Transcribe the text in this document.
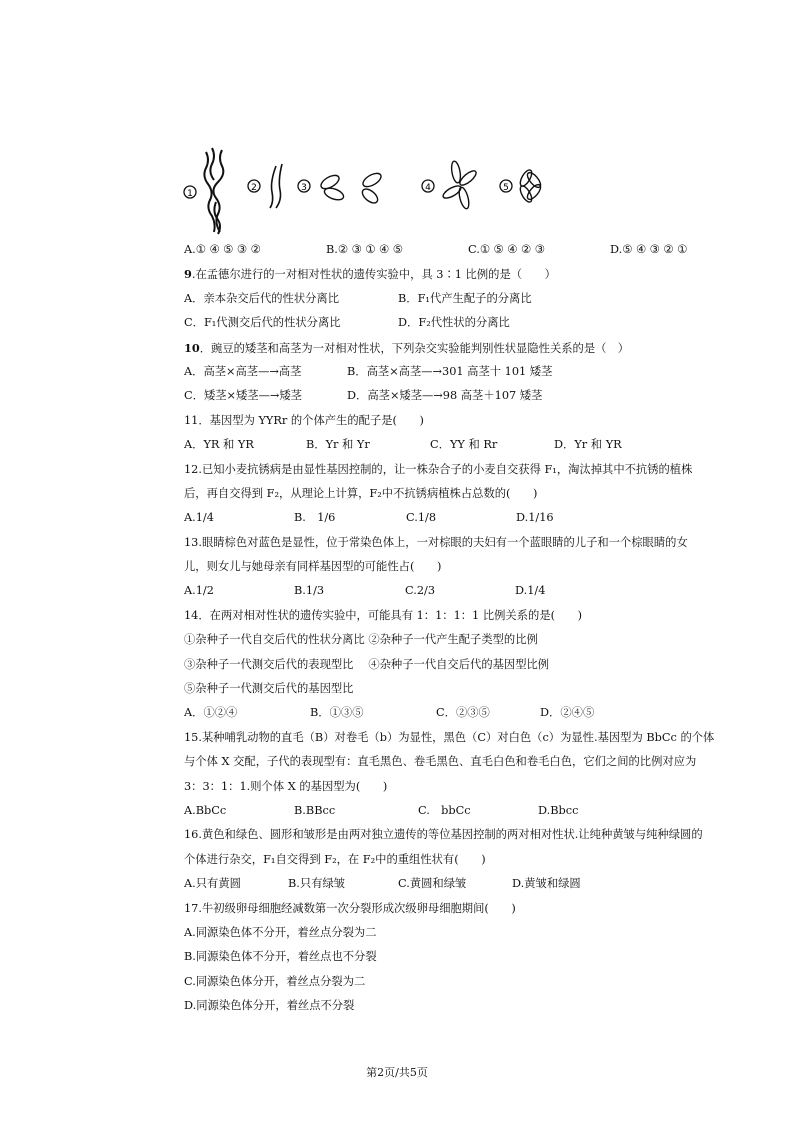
1
2	3	4	5
①②③④⑤
A.① ④ ⑤ ③ ②	B.② ③ ① ④ ⑤	C.① ⑤ ④ ② ③	D.⑤ ④ ③ ② ①
9.在孟德尔进行的一对相对性状的遗传实验中，具 3∶1 比例的是（　　）
A．亲本杂交后代的性状分离比	B．F₁代产生配子的分离比
C．F₁代测交后代的性状分离比	D．F₂代性状的分离比
10．豌豆的矮茎和高茎为一对相对性状，下列杂交实验能判别性状显隐性关系的是（　）
A．高茎×高茎—→高茎	B．高茎×高茎—→301 高茎十 101 矮茎
C．矮茎×矮茎—→矮茎	D．高茎×矮茎—→98 高茎＋107 矮茎
11．基因型为 YYRr 的个体产生的配子是(　　)
A．YR 和 YR	B．Yr 和 Yr	C．YY 和 Rr	D．Yr 和 YR
12.已知小麦抗锈病是由显性基因控制的，让一株杂合子的小麦自交获得 F₁，淘汰掉其中不抗锈的植株
后，再自交得到 F₂，从理论上计算，F₂中不抗锈病植株占总数的(　　)
A.1/4	B.　1/6	C.1/8	D.1/16
13.眼睛棕色对蓝色是显性，位于常染色体上，一对棕眼的夫妇有一个蓝眼睛的儿子和一个棕眼睛的女
儿，则女儿与她母亲有同样基因型的可能性占(　　)
A.1/2	B.1/3	C.2/3	D.1/4
14．在两对相对性状的遗传实验中，可能具有 1：1：1：1 比例关系的是(　　)
①杂种子一代自交后代的性状分离比 ②杂种子一代产生配子类型的比例
③杂种子一代测交后代的表现型比　 ④杂种子一代自交后代的基因型比例
⑤杂种子一代测交后代的基因型比
A．①②④	B．①③⑤	C．②③⑤	D．②④⑤
15.某种哺乳动物的直毛（B）对卷毛（b）为显性，黑色（C）对白色（c）为显性.基因型为 BbCc 的个体
与个体 X 交配，子代的表现型有：直毛黑色、卷毛黑色、直毛白色和卷毛白色，它们之间的比例对应为
3：3：1：1.则个体 X 的基因型为(　　)
A.BbCc	B.BBcc	C.　bbCc	D.Bbcc
16.黄色和绿色、圆形和皱形是由两对独立遗传的等位基因控制的两对相对性状.让纯种黄皱与纯种绿圆的
个体进行杂交，F₁自交得到 F₂，在 F₂中的重组性状有(　　)
A.只有黄圆	B.只有绿皱	C.黄圆和绿皱	D.黄皱和绿圆
17.牛初级卵母细胞经减数第一次分裂形成次级卵母细胞期间(　　)
A.同源染色体不分开，着丝点分裂为二
B.同源染色体不分开，着丝点也不分裂
C.同源染色体分开，着丝点分裂为二
D.同源染色体分开，着丝点不分裂
第2页/共5页
